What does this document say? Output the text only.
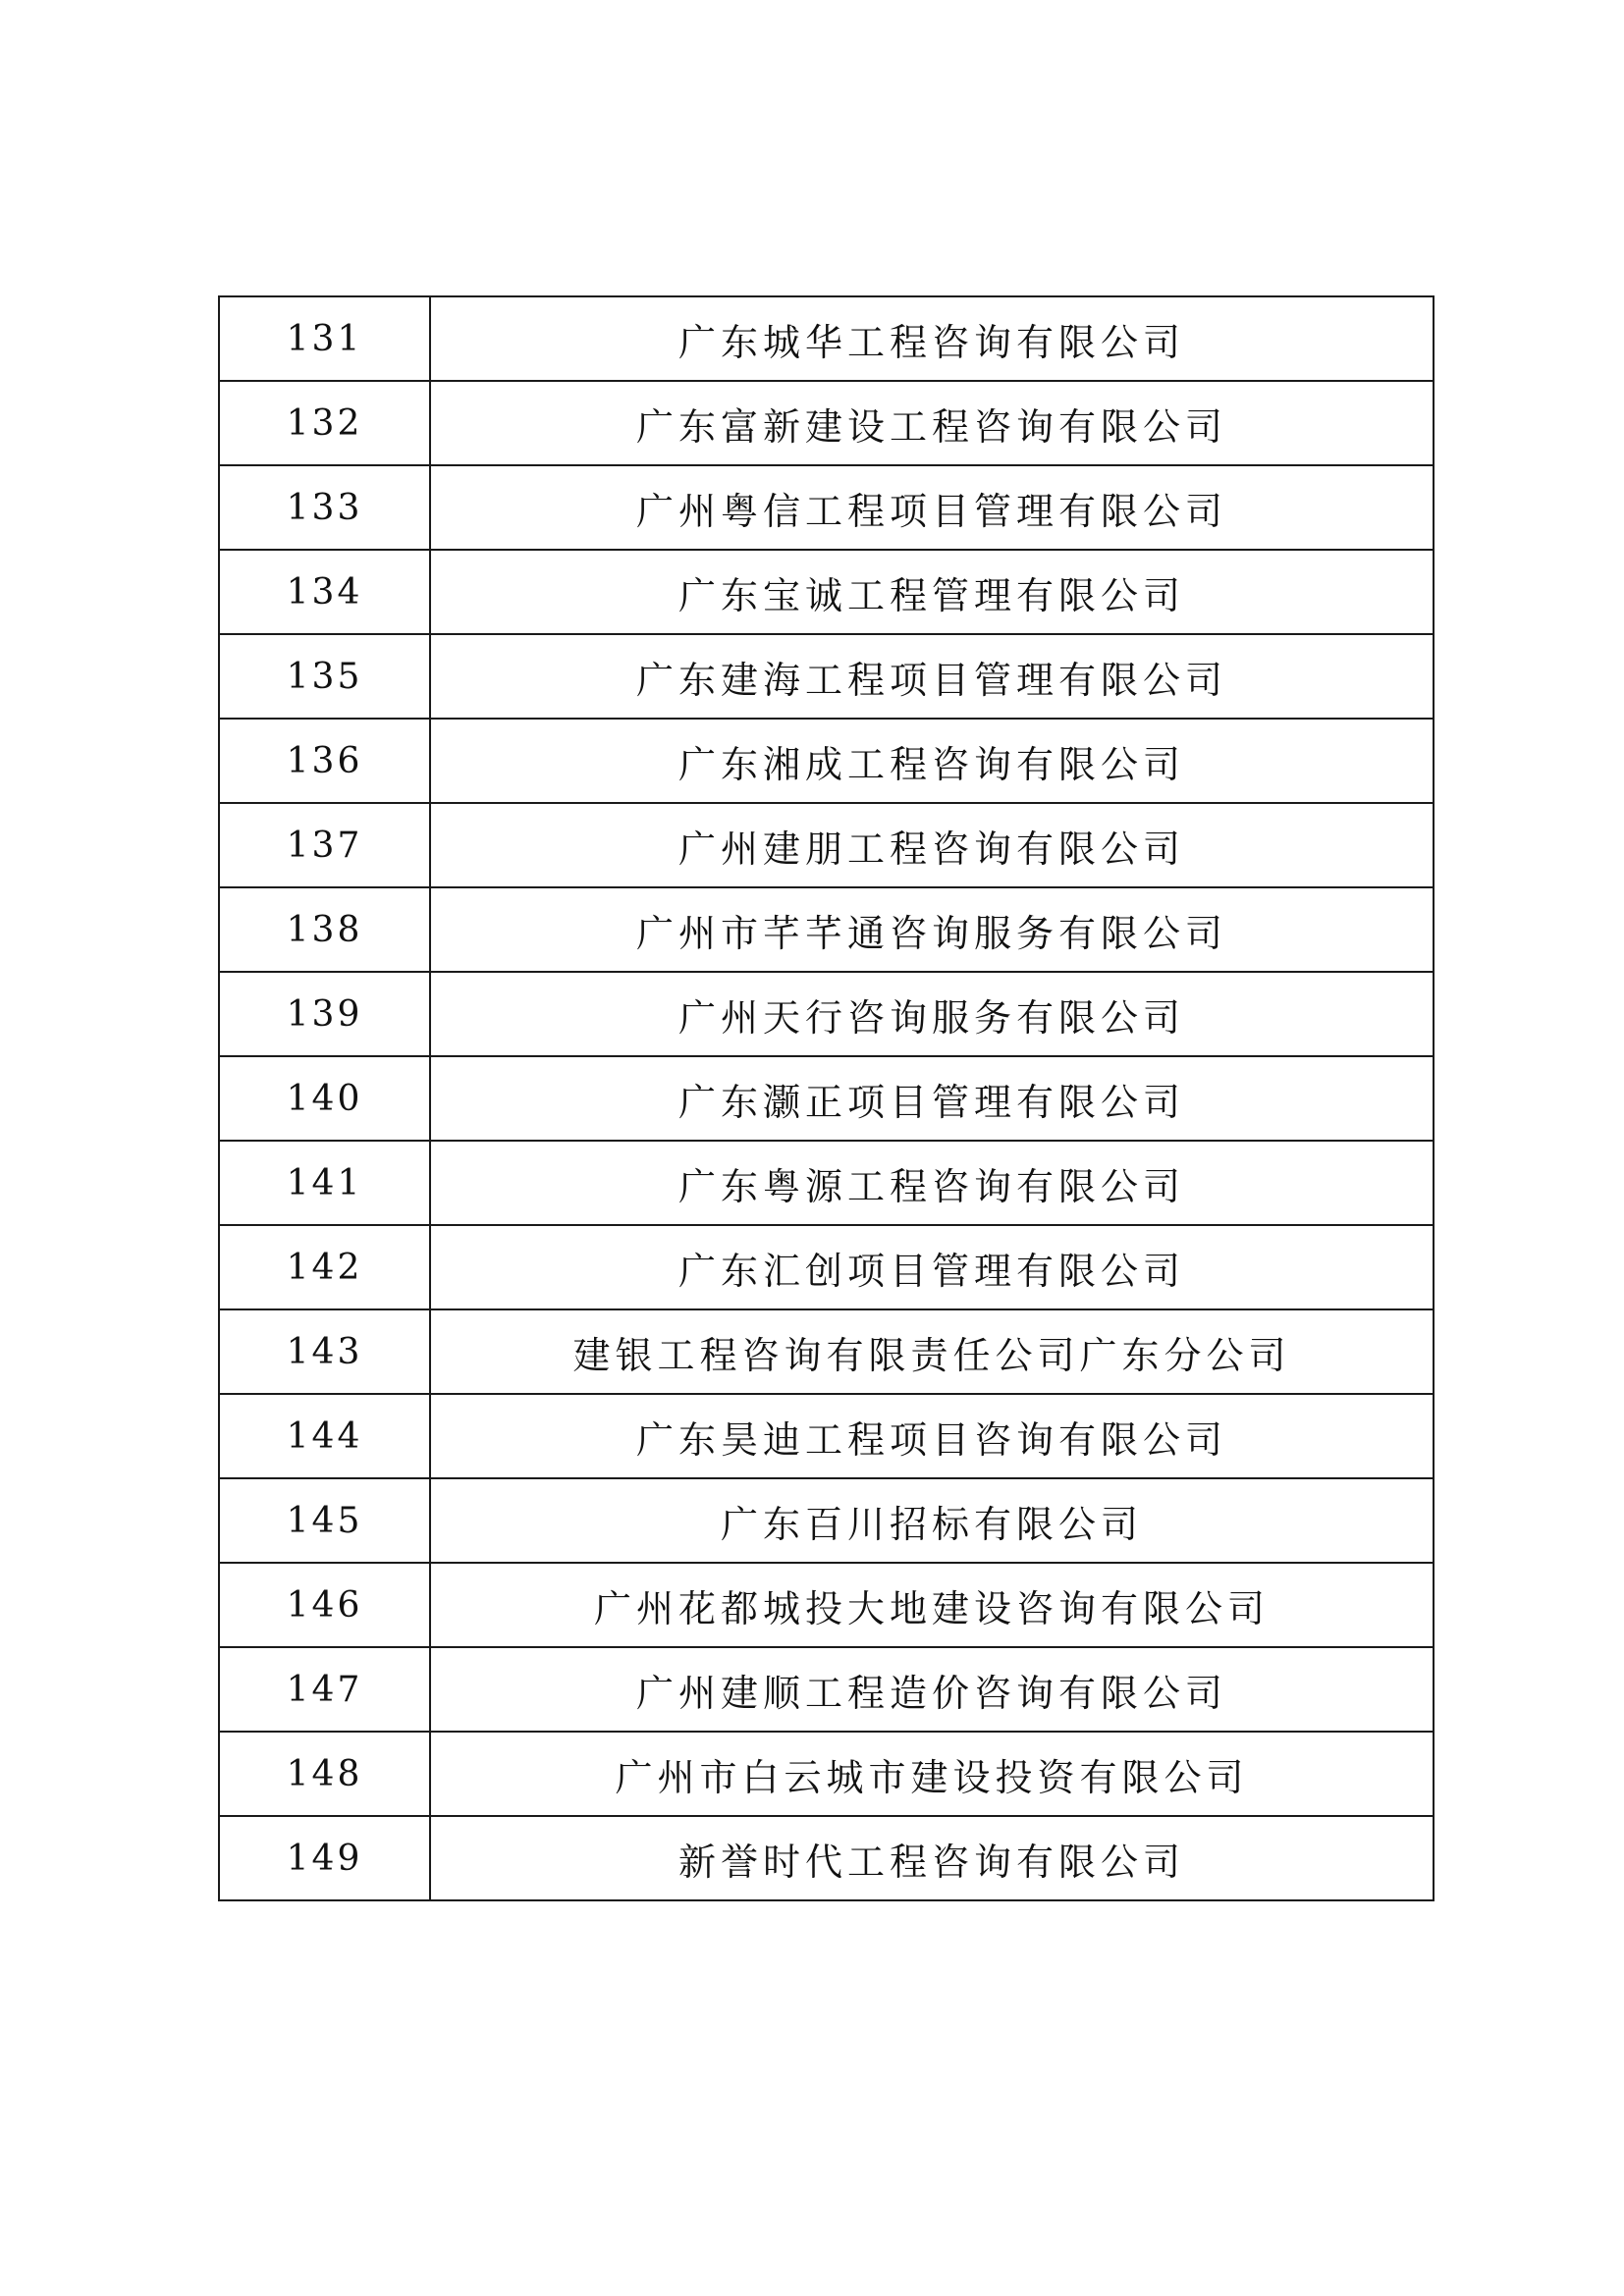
131	广东城华工程咨询有限公司
132	广东富新建设工程咨询有限公司
133	广州粤信工程项目管理有限公司
134	广东宝诚工程管理有限公司
135	广东建海工程项目管理有限公司
136	广东湘成工程咨询有限公司
137	广州建朋工程咨询有限公司
138	广州市芊芊通咨询服务有限公司
139	广州天行咨询服务有限公司
140	广东灏正项目管理有限公司
141	广东粤源工程咨询有限公司
142	广东汇创项目管理有限公司
143	建银工程咨询有限责任公司广东分公司
144	广东昊迪工程项目咨询有限公司
145	广东百川招标有限公司
146	广州花都城投大地建设咨询有限公司
147	广州建顺工程造价咨询有限公司
148	广州市白云城市建设投资有限公司
149	新誉时代工程咨询有限公司
